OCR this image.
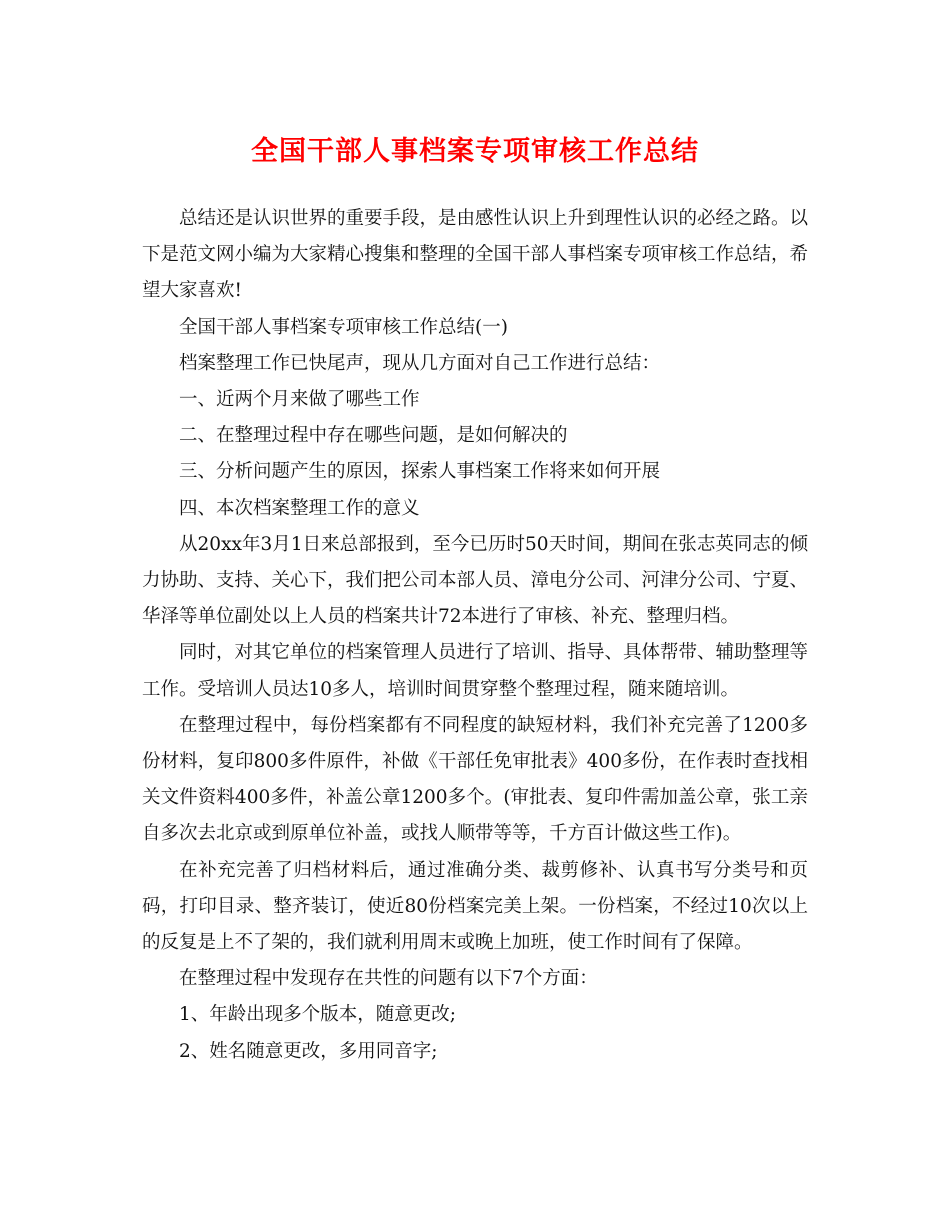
全国干部人事档案专项审核工作总结

总结还是认识世界的重要手段，是由感性认识上升到理性认识的必经之路。以下是范文网小编为大家精心搜集和整理的全国干部人事档案专项审核工作总结，希望大家喜欢!

全国干部人事档案专项审核工作总结(一)

档案整理工作已快尾声，现从几方面对自己工作进行总结：

一、近两个月来做了哪些工作

二、在整理过程中存在哪些问题，是如何解决的

三、分析问题产生的原因，探索人事档案工作将来如何开展

四、本次档案整理工作的意义

从20xx年3月1日来总部报到，至今已历时50天时间，期间在张志英同志的倾力协助、支持、关心下，我们把公司本部人员、漳电分公司、河津分公司、宁夏、华泽等单位副处以上人员的档案共计72本进行了审核、补充、整理归档。

同时，对其它单位的档案管理人员进行了培训、指导、具体帮带、辅助整理等工作。受培训人员达10多人，培训时间贯穿整个整理过程，随来随培训。

在整理过程中，每份档案都有不同程度的缺短材料，我们补充完善了1200多份材料，复印800多件原件，补做《干部任免审批表》400多份，在作表时查找相关文件资料400多件，补盖公章1200多个。(审批表、复印件需加盖公章，张工亲自多次去北京或到原单位补盖，或找人顺带等等，千方百计做这些工作)。

在补充完善了归档材料后，通过准确分类、裁剪修补、认真书写分类号和页码，打印目录、整齐装订，使近80份档案完美上架。一份档案，不经过10次以上的反复是上不了架的，我们就利用周末或晚上加班，使工作时间有了保障。

在整理过程中发现存在共性的问题有以下7个方面：

1、年龄出现多个版本，随意更改;

2、姓名随意更改，多用同音字;
